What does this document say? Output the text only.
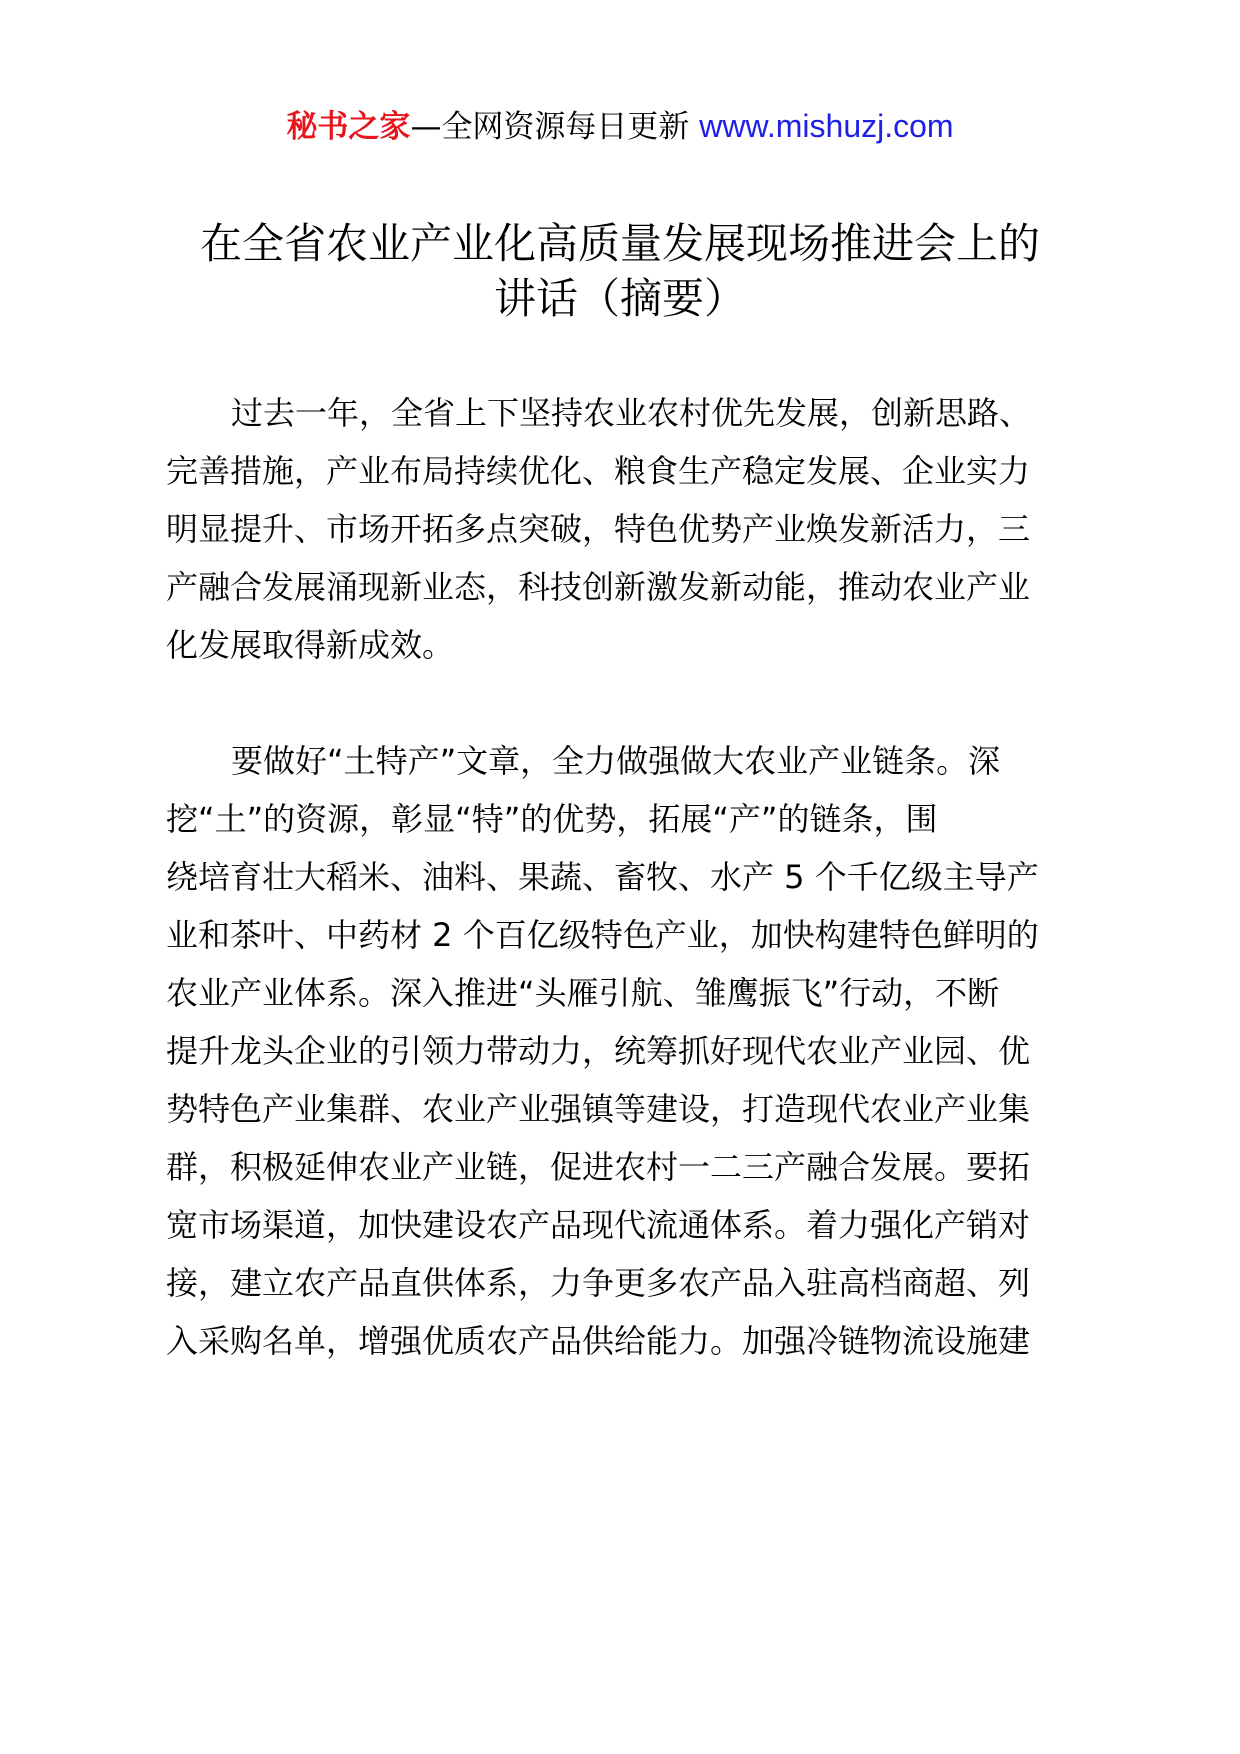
秘书之家—全网资源每日更新 www.mishuzj.com
在全省农业产业化高质量发展现场推进会上的
讲话（摘要）
过去一年，全省上下坚持农业农村优先发展，创新思路、
完善措施，产业布局持续优化、粮食生产稳定发展、企业实力
明显提升、市场开拓多点突破，特色优势产业焕发新活力，三
产融合发展涌现新业态，科技创新激发新动能，推动农业产业
化发展取得新成效。
要做好“土特产”文章，全力做强做大农业产业链条。深
挖“土”的资源，彰显“特”的优势，拓展“产”的链条，围
绕培育壮大稻米、油料、果蔬、畜牧、水产 5 个千亿级主导产
业和茶叶、中药材 2 个百亿级特色产业，加快构建特色鲜明的
农业产业体系。深入推进“头雁引航、雏鹰振飞”行动，不断
提升龙头企业的引领力带动力，统筹抓好现代农业产业园、优
势特色产业集群、农业产业强镇等建设，打造现代农业产业集
群，积极延伸农业产业链，促进农村一二三产融合发展。要拓
宽市场渠道，加快建设农产品现代流通体系。着力强化产销对
接，建立农产品直供体系，力争更多农产品入驻高档商超、列
入采购名单，增强优质农产品供给能力。加强冷链物流设施建
